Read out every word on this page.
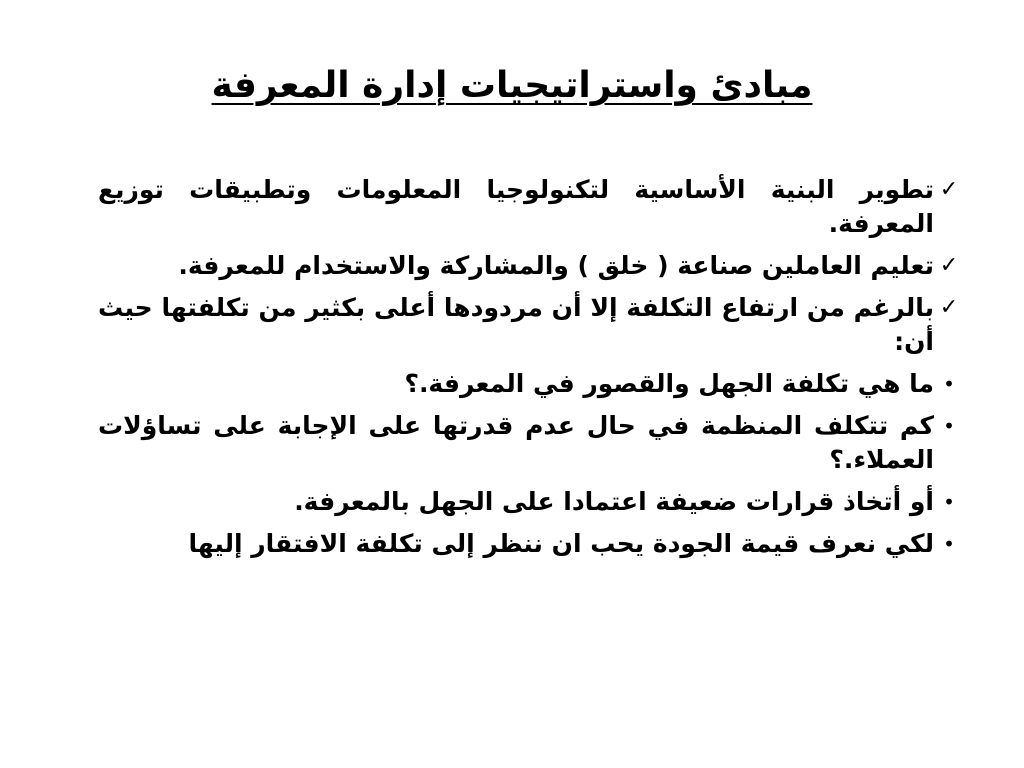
مبادئ واستراتيجيات إدارة المعرفة
✓
تطوير البنية الأساسية لتكنولوجيا المعلومات وتطبيقات توزيع المعرفة.
✓
تعليم العاملين صناعة ( خلق ) والمشاركة والاستخدام للمعرفة.
✓
بالرغم من ارتفاع التكلفة إلا أن مردودها أعلى بكثير من تكلفتها حيث أن:
•
ما هي تكلفة الجهل والقصور في المعرفة.؟
•
كم تتكلف المنظمة في حال عدم قدرتها على الإجابة على تساؤلات العملاء.؟
•
أو أتخاذ قرارات ضعيفة اعتمادا على الجهل بالمعرفة.
•
لكي نعرف قيمة الجودة يحب ان ننظر إلى تكلفة الافتقار إليها
